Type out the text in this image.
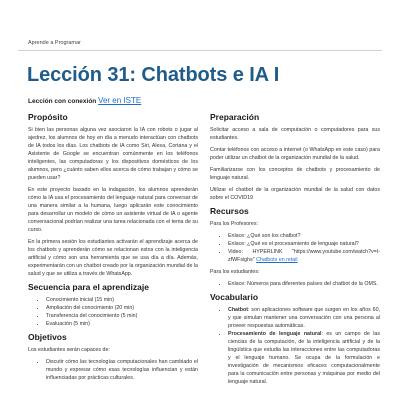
Aprende a Programar
Lección 31: Chatbots e IA I
Lección con conexión Ver en ISTE
Propósito

Si bien las personas alguna vez asociaron la IA con robots o jugar al ajedrez, los alumnos de hoy en día a menudo interactúan con chatbots de IA todos los días. Los chatbots de IA como Siri, Alexa, Cortana y el Asistente de Google se encuentran comúnmente en los teléfonos inteligentes, las computadoras y los dispositivos domésticos de los alumnos, pero ¿cuánto saben ellos acerca de cómo trabajan y cómo se pueden usar?

En este proyecto basado en la indagación, los alumnos aprenderán cómo la IA usa el procesamiento del lenguaje natural para conversar de una manera similar a la humana, luego aplicarán este conocimiento para desarrollar un modelo de cómo un asistente virtual de IA o agente conversacional podrían realizar una tarea relacionada con el tema de su curso.

En la primera sesión los estudiantes activarán el aprendizaje acerca de los chatbots y aprenderán cómo se relacionan estos con la inteligencia artificial y cómo son una herramienta que se usa día a día. Además, experimentarán con un chatbot creado por la organización mundial de la salud y que se utiliza a través de WhatsApp.

Secuencia para el aprendizaje
• Conocimiento inicial (15 min)
• Ampliación del conocimiento (20 min)
• Transferencia del conocimiento (5 min)
• Evaluación (5 min)
Objetivos

Los estudiantes serán capaces de:

• Discutir cómo las tecnologías computacionales han cambiado el mundo y expresar cómo esas tecnologías influencian y están influenciadas por prácticas culturales.
Preparación

Solicitar acceso a sala de computación o computadores para sus estudiantes.

Contar teléfonos con acceso a internet (o WhatsApp en este caso) para poder utilizar un chatbot de la organización mundial de la salud.

Familiarizarse con los conceptos de chatbots y procesamiento de lenguaje natural.

Utilizar el chatbot de la organización mundial de la salud con datos sobre el COVID19

Recursos

Para los Profesores:

• Enlace: ¿Qué son los chatbot?
• Enlace: ¿Qué es el procesamiento de lenguaje natural?
• Video: HYPERLINK "https://www.youtube.com/watch?v=I-zfWFsighs" Chatbots en retail

Para los estudiantes:

• Enlace: Números para diferentes países del chatbot de la OMS.
Vocabulario
• Chatbot: son aplicaciones software que surgen en los años 60, y que simulan mantener una conversación con una persona al proveer respuestas automáticas.
• Procesamiento de lenguaje natural: es un campo de las ciencias de la computación, de la inteligencia artificial y de la lingüística que estudia las interacciones entre las computadoras y el lenguaje humano. Se ocupa de la formulación e investigación de mecanismos eficaces computacionalmente para la comunicación entre personas y máquinas por medio del lenguaje natural.
